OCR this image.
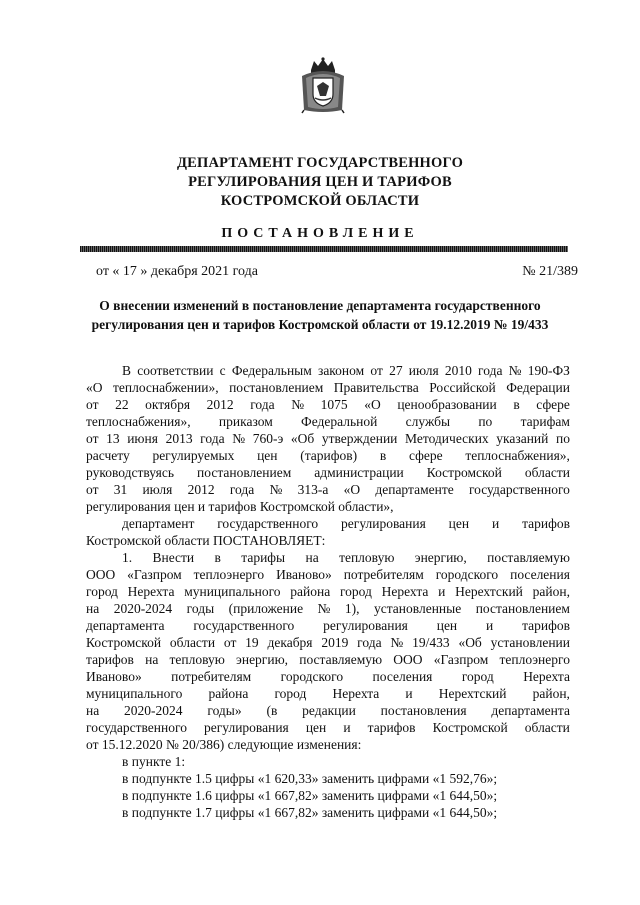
ДЕПАРТАМЕНТ ГОСУДАРСТВЕННОГО
РЕГУЛИРОВАНИЯ ЦЕН И ТАРИФОВ
КОСТРОМСКОЙ ОБЛАСТИ
ПОСТАНОВЛЕНИЕ
от « 17 » декабря 2021 года	№ 21/389
О внесении изменений в постановление департамента государственного
регулирования цен и тарифов Костромской области от 19.12.2019 № 19/433
В соответствии с Федеральным законом от 27 июля 2010 года № 190-ФЗ
«О теплоснабжении», постановлением Правительства Российской Федерации
от 22 октября 2012 года № 1075 «О ценообразовании в сфере
теплоснабжения», приказом Федеральной службы по тарифам
от 13 июня 2013 года № 760-э «Об утверждении Методических указаний по
расчету регулируемых цен (тарифов) в сфере теплоснабжения»,
руководствуясь постановлением администрации Костромской области
от 31 июля 2012 года № 313-а «О департаменте государственного
регулирования цен и тарифов Костромской области»,
департамент государственного регулирования цен и тарифов
Костромской области ПОСТАНОВЛЯЕТ:
1. Внести в тарифы на тепловую энергию, поставляемую
ООО «Газпром теплоэнерго Иваново» потребителям городского поселения
город Нерехта муниципального района город Нерехта и Нерехтский район,
на 2020-2024 годы (приложение № 1), установленные постановлением
департамента государственного регулирования цен и тарифов
Костромской области от 19 декабря 2019 года № 19/433 «Об установлении
тарифов на тепловую энергию, поставляемую ООО «Газпром теплоэнерго
Иваново» потребителям городского поселения город Нерехта
муниципального района город Нерехта и Нерехтский район,
на 2020-2024 годы» (в редакции постановления департамента
государственного регулирования цен и тарифов Костромской области
от 15.12.2020 № 20/386) следующие изменения:
в пункте 1:
в подпункте 1.5 цифры «1 620,33» заменить цифрами «1 592,76»;
в подпункте 1.6 цифры «1 667,82» заменить цифрами «1 644,50»;
в подпункте 1.7 цифры «1 667,82» заменить цифрами «1 644,50»;
